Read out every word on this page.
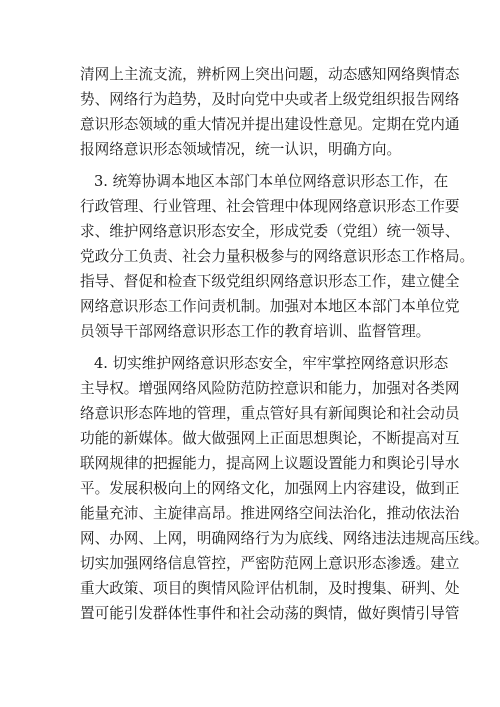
清网上主流支流，辨析网上突出问题，动态感知网络舆情态
势、网络行为趋势，及时向党中央或者上级党组织报告网络
意识形态领域的重大情况并提出建设性意见。定期在党内通
报网络意识形态领域情况，统一认识，明确方向。
3. 统筹协调本地区本部门本单位网络意识形态工作，在
行政管理、行业管理、社会管理中体现网络意识形态工作要
求、维护网络意识形态安全，形成党委（党组）统一领导、
党政分工负责、社会力量积极参与的网络意识形态工作格局。
指导、督促和检查下级党组织网络意识形态工作，建立健全
网络意识形态工作问责机制。加强对本地区本部门本单位党
员领导干部网络意识形态工作的教育培训、监督管理。
4. 切实维护网络意识形态安全，牢牢掌控网络意识形态
主导权。增强网络风险防范防控意识和能力，加强对各类网
络意识形态阵地的管理，重点管好具有新闻舆论和社会动员
功能的新媒体。做大做强网上正面思想舆论，不断提高对互
联网规律的把握能力，提高网上议题设置能力和舆论引导水
平。发展积极向上的网络文化，加强网上内容建设，做到正
能量充沛、主旋律高昂。推进网络空间法治化，推动依法治
网、办网、上网，明确网络行为为底线、网络违法违规高压线。
切实加强网络信息管控，严密防范网上意识形态渗透。建立
重大政策、项目的舆情风险评估机制，及时搜集、研判、处
置可能引发群体性事件和社会动荡的舆情，做好舆情引导管
